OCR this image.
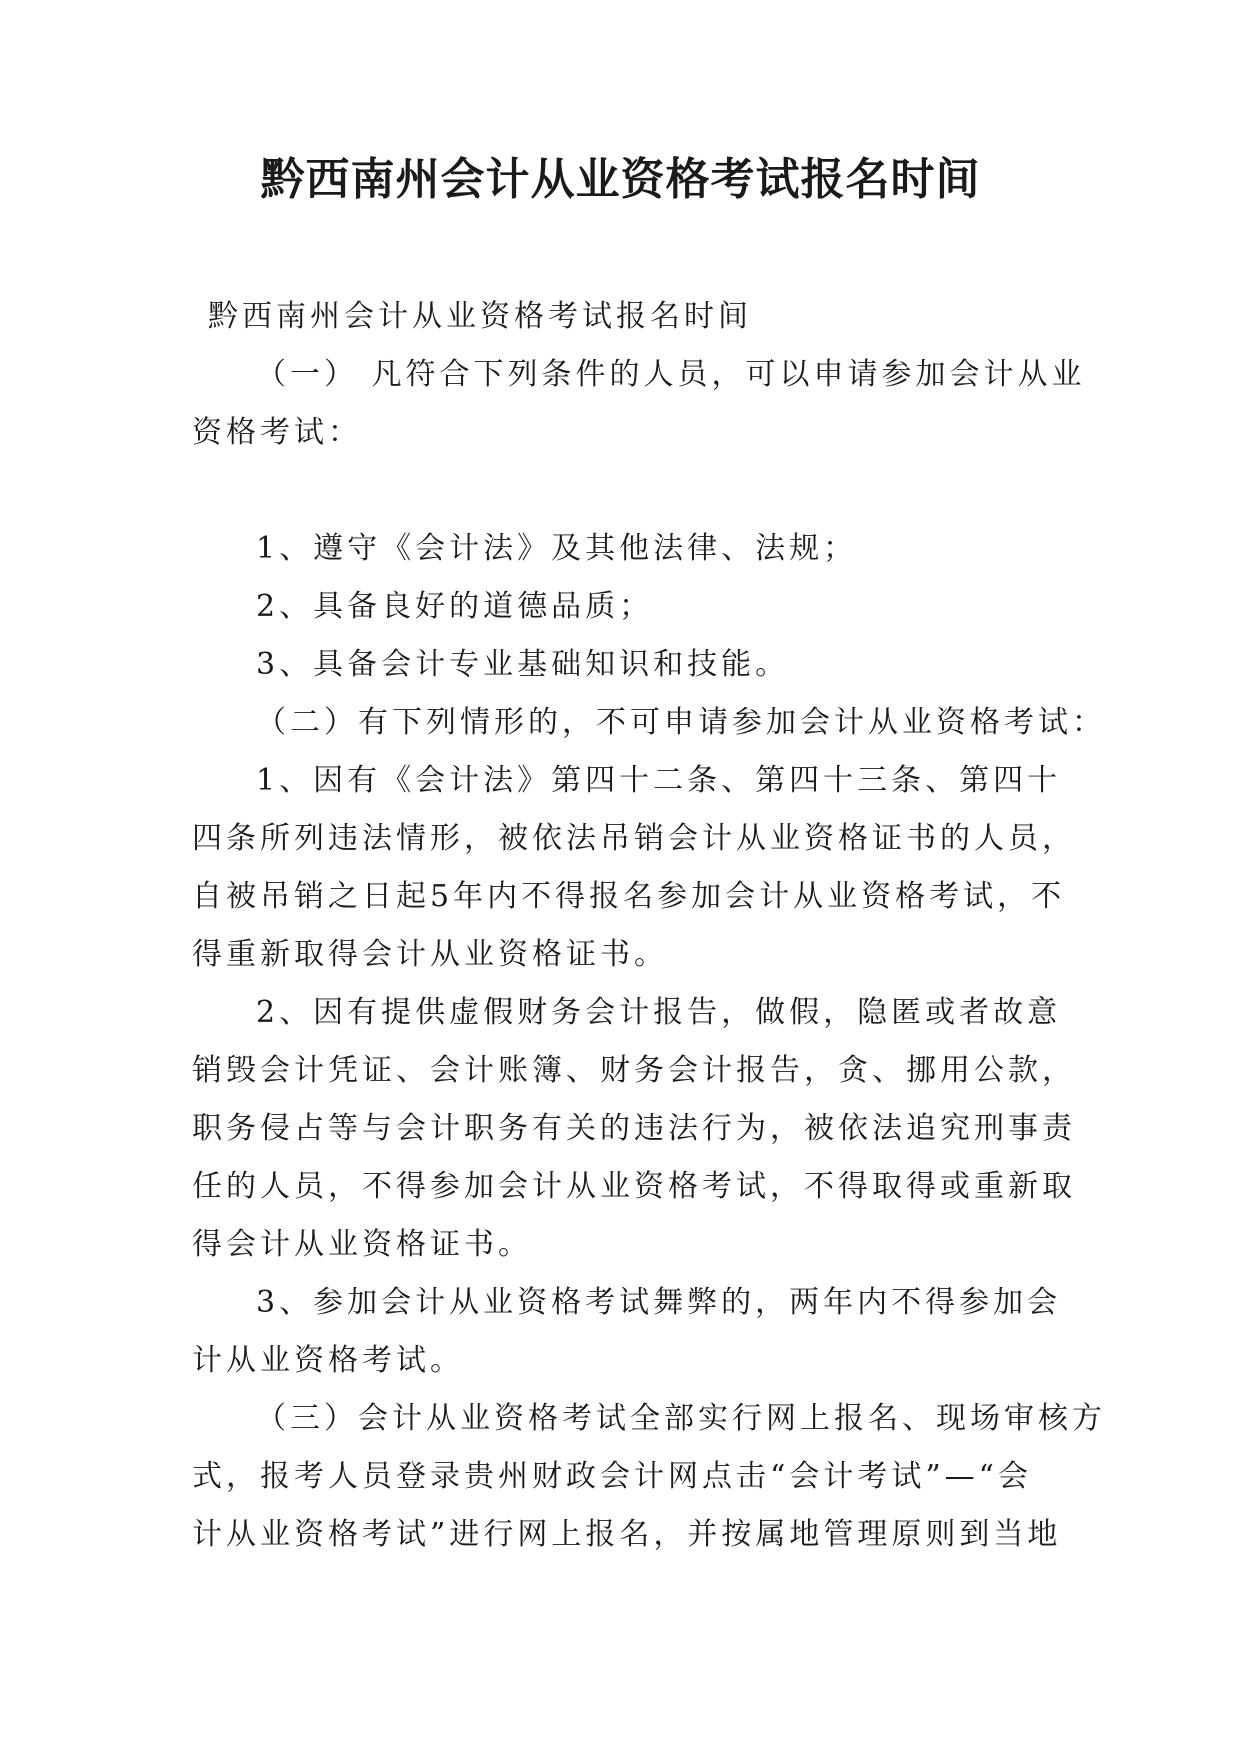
黔西南州会计从业资格考试报名时间
黔西南州会计从业资格考试报名时间
（一） 凡符合下列条件的人员，可以申请参加会计从业
资格考试：
1、遵守《会计法》及其他法律、法规；
2、具备良好的道德品质；
3、具备会计专业基础知识和技能。
（二）有下列情形的，不可申请参加会计从业资格考试：
1、因有《会计法》第四十二条、第四十三条、第四十
四条所列违法情形，被依法吊销会计从业资格证书的人员，
自被吊销之日起5年内不得报名参加会计从业资格考试，不
得重新取得会计从业资格证书。
2、因有提供虚假财务会计报告，做假，隐匿或者故意
销毁会计凭证、会计账簿、财务会计报告，贪、挪用公款，
职务侵占等与会计职务有关的违法行为，被依法追究刑事责
任的人员，不得参加会计从业资格考试，不得取得或重新取
得会计从业资格证书。
3、参加会计从业资格考试舞弊的，两年内不得参加会
计从业资格考试。
（三）会计从业资格考试全部实行网上报名、现场审核方
式，报考人员登录贵州财政会计网点击“会计考试”—“会
计从业资格考试”进行网上报名，并按属地管理原则到当地
